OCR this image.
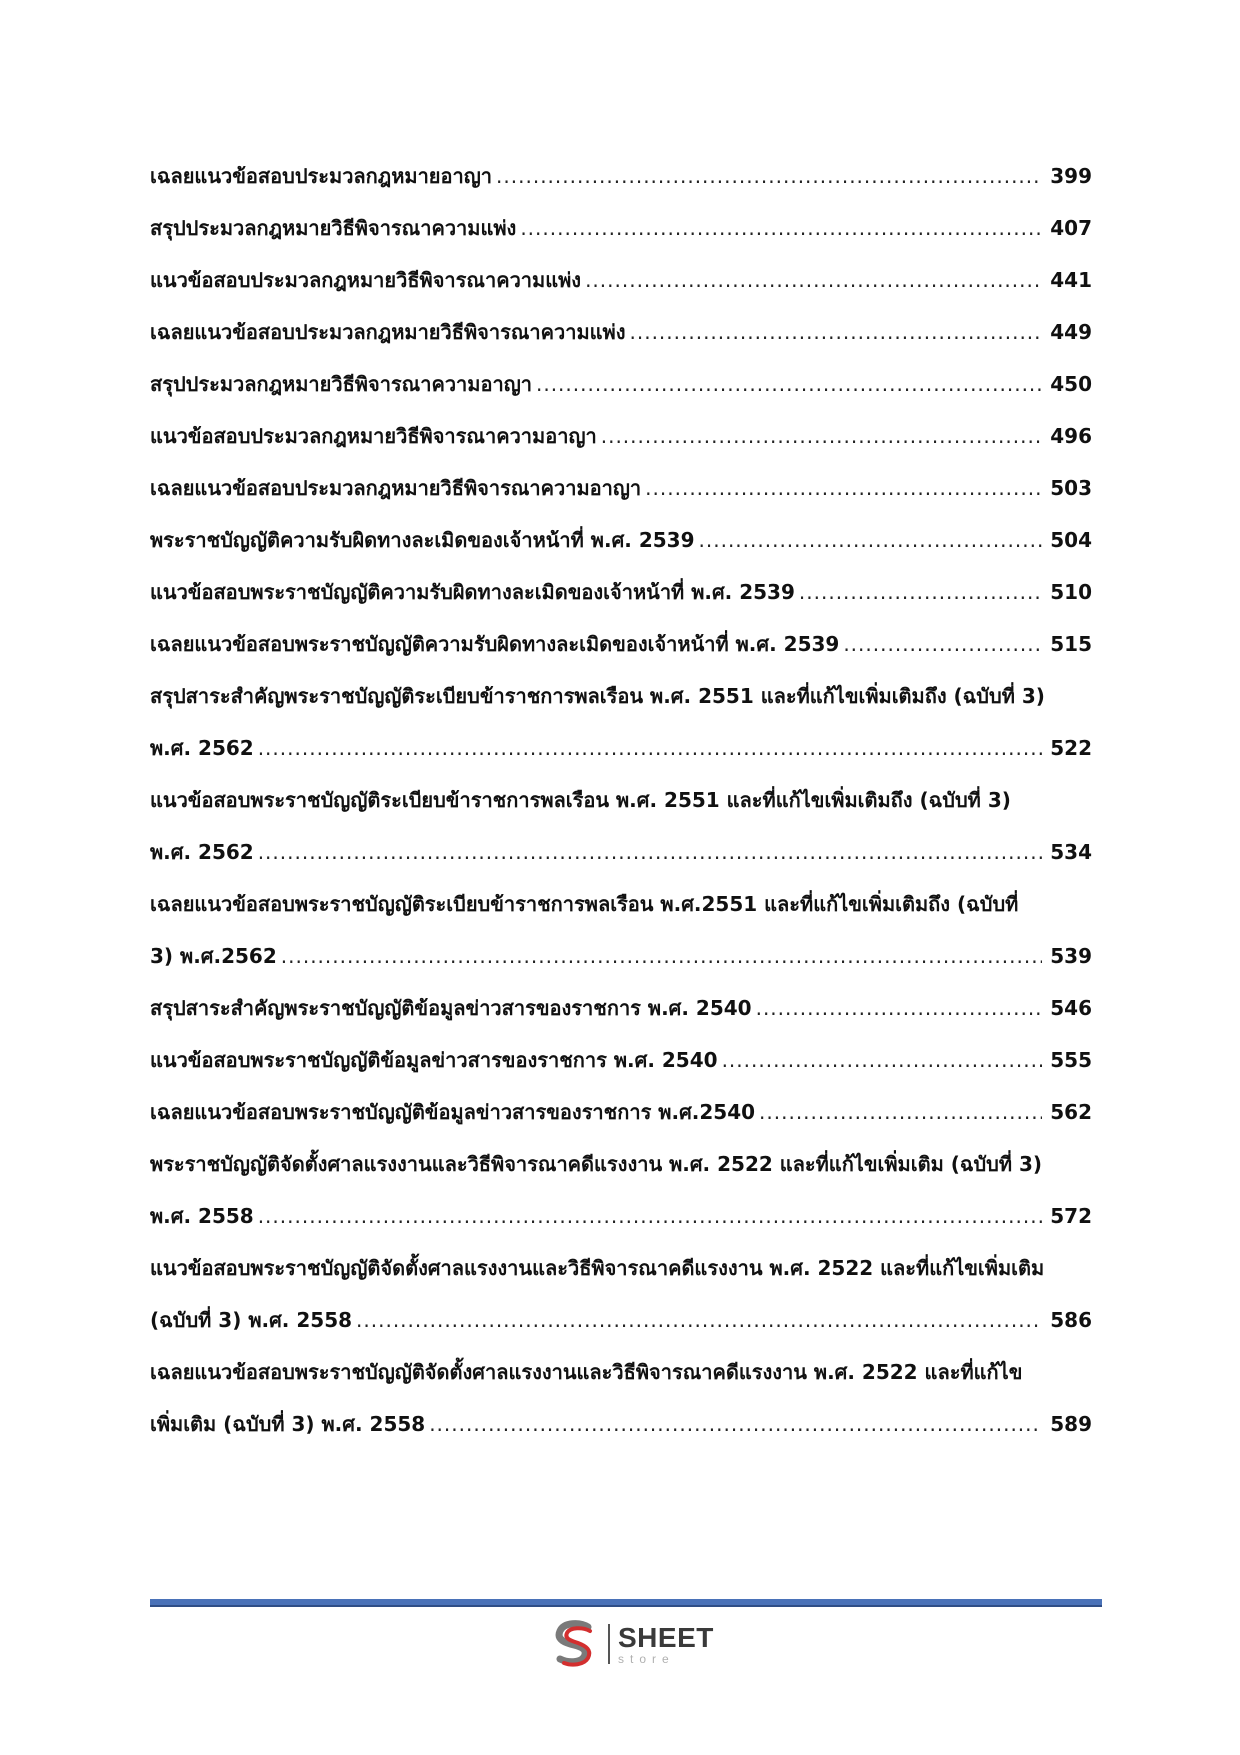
เฉลยแนวข้อสอบประมวลกฎหมายอาญา .....	399
สรุปประมวลกฎหมายวิธีพิจารณาความแพ่ง .....	407
แนวข้อสอบประมวลกฎหมายวิธีพิจารณาความแพ่ง .....	441
เฉลยแนวข้อสอบประมวลกฎหมายวิธีพิจารณาความแพ่ง .....	449
สรุปประมวลกฎหมายวิธีพิจารณาความอาญา .....	450
แนวข้อสอบประมวลกฎหมายวิธีพิจารณาความอาญา .....	496
เฉลยแนวข้อสอบประมวลกฎหมายวิธีพิจารณาความอาญา .....	503
พระราชบัญญัติความรับผิดทางละเมิดของเจ้าหน้าที่ พ.ศ. 2539 .....	504
แนวข้อสอบพระราชบัญญัติความรับผิดทางละเมิดของเจ้าหน้าที่ พ.ศ. 2539 .....	510
เฉลยแนวข้อสอบพระราชบัญญัติความรับผิดทางละเมิดของเจ้าหน้าที่ พ.ศ. 2539 .....	515
สรุปสาระสำคัญพระราชบัญญัติระเบียบข้าราชการพลเรือน พ.ศ. 2551 และที่แก้ไขเพิ่มเติมถึง (ฉบับที่ 3)
พ.ศ. 2562 .....	522
แนวข้อสอบพระราชบัญญัติระเบียบข้าราชการพลเรือน พ.ศ. 2551 และที่แก้ไขเพิ่มเติมถึง (ฉบับที่ 3)
พ.ศ. 2562 .....	534
เฉลยแนวข้อสอบพระราชบัญญัติระเบียบข้าราชการพลเรือน พ.ศ.2551 และที่แก้ไขเพิ่มเติมถึง (ฉบับที่
3) พ.ศ.2562 .....	539
สรุปสาระสำคัญพระราชบัญญัติข้อมูลข่าวสารของราชการ พ.ศ. 2540 .....	546
แนวข้อสอบพระราชบัญญัติข้อมูลข่าวสารของราชการ พ.ศ. 2540 .....	555
เฉลยแนวข้อสอบพระราชบัญญัติข้อมูลข่าวสารของราชการ พ.ศ.2540 .....	562
พระราชบัญญัติจัดตั้งศาลแรงงานและวิธีพิจารณาคดีแรงงาน พ.ศ. 2522 และที่แก้ไขเพิ่มเติม (ฉบับที่ 3)
พ.ศ. 2558 .....	572
แนวข้อสอบพระราชบัญญัติจัดตั้งศาลแรงงานและวิธีพิจารณาคดีแรงงาน พ.ศ. 2522 และที่แก้ไขเพิ่มเติม
(ฉบับที่ 3) พ.ศ. 2558 .....	586
เฉลยแนวข้อสอบพระราชบัญญัติจัดตั้งศาลแรงงานและวิธีพิจารณาคดีแรงงาน พ.ศ. 2522 และที่แก้ไข
เพิ่มเติม (ฉบับที่ 3) พ.ศ. 2558 .....	589
SHEET
store
